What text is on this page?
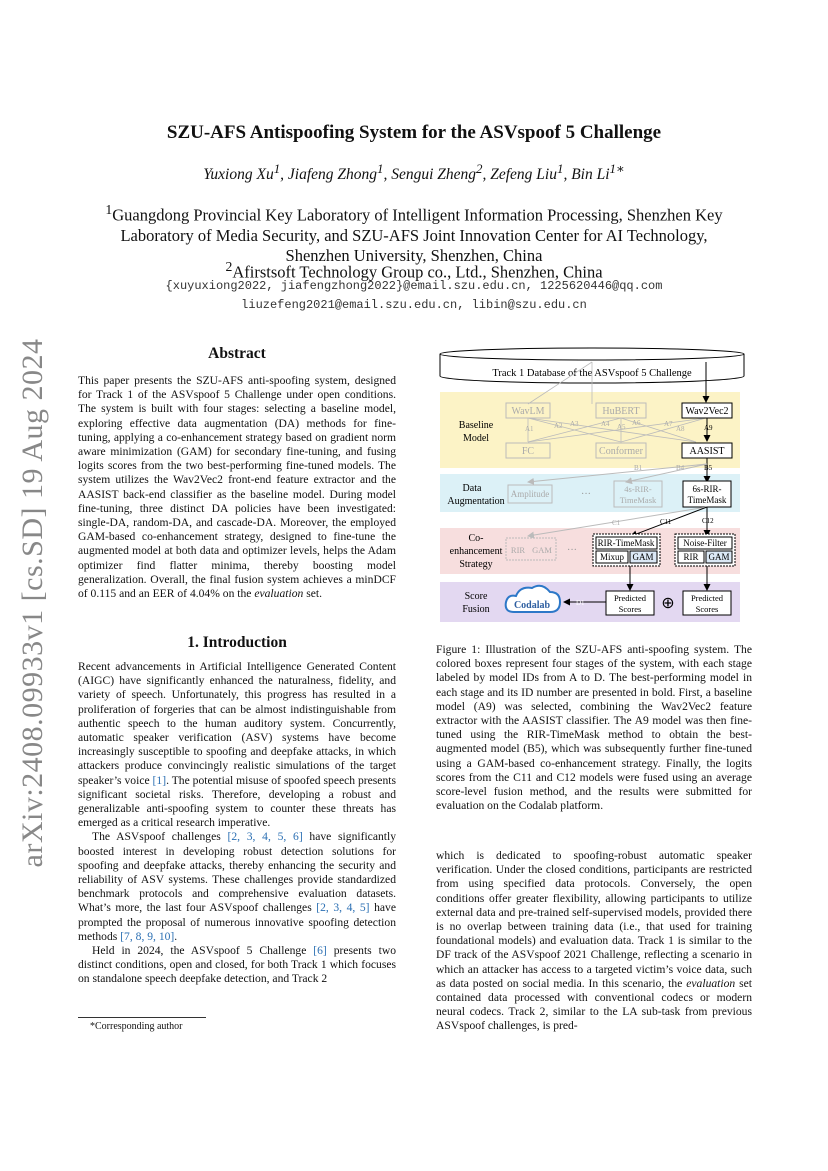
arXiv:2408.09933v1 [cs.SD] 19 Aug 2024
SZU-AFS Antispoofing System for the ASVspoof 5 Challenge
Yuxiong Xu$^1$, Jiafeng Zhong$^1$, Sengui Zheng$^2$, Zefeng Liu$^1$, Bin $Li^{1∗}$
$^1$Guangdong Provincial Key Laboratory of Intelligent Information Processing, Shenzhen Key
Laboratory of Media Security, and SZU-AFS Joint Innovation Center for AI Technology,
Shenzhen University, Shenzhen, China
$^2$Afirstsoft Technology Group co., Ltd., Shenzhen, China
{xuyuxiong2022, jiafengzhong2022}@email.szu.edu.cn, 1225620446@qq.com
liuzefeng2021@email.szu.edu.cn, libin@szu.edu.cn
Abstract

This paper presents the SZU-AFS anti-spoofing system, designed for Track 1 of the ASVspoof 5 Challenge under open conditions. The system is built with four stages: selecting a baseline model, exploring effective data augmentation (DA) methods for fine-tuning, applying a co-enhancement strategy based on gradient norm aware minimization (GAM) for secondary fine-tuning, and fusing logits scores from the two best-performing fine-tuned models. The system utilizes the Wav2Vec2 front-end feature extractor and the AASIST back-end classifier as the baseline model. During model fine-tuning, three distinct DA policies have been investigated: single-DA, random-DA, and cascade-DA. Moreover, the employed GAM-based co-enhancement strategy, designed to fine-tune the augmented model at both data and optimizer levels, helps the Adam optimizer find flatter minima, thereby boosting model generalization. Overall, the final fusion system achieves a minDCF of 0.115 and an EER of 4.04% on the evaluation set.

1. Introduction

Recent advancements in Artificial Intelligence Generated Content (AIGC) have significantly enhanced the naturalness, fidelity, and variety of speech. Unfortunately, this progress has resulted in a proliferation of forgeries that can be almost indistinguishable from authentic speech to the human auditory system. Concurrently, automatic speaker verification (ASV) systems have become increasingly susceptible to spoofing and deepfake attacks, in which attackers produce convincingly realistic simulations of the target speaker’s voice [1]. The potential misuse of spoofed speech presents significant societal risks. Therefore, developing a robust and generalizable anti-spoofing system to counter these threats has emerged as a critical research imperative.

The ASVspoof challenges [2, 3, 4, 5, 6] have significantly boosted interest in developing robust detection solutions for spoofing and deepfake attacks, thereby enhancing the security and reliability of ASV systems. These challenges provide standardized benchmark protocols and comprehensive evaluation datasets. What’s more, the last four ASVspoof challenges [2, 3, 4, 5] have prompted the proposal of numerous innovative spoofing detection methods [7, 8, 9, 10].

Held in 2024, the ASVspoof 5 Challenge [6] presents two distinct conditions, open and closed, for both Track 1 which focuses on standalone speech deepfake detection, and Track 2

*Corresponding author
Track 1 Database of the ASVspoof 5 Challenge
Baseline
Model
Data
Augmentation
Co-
enhancement
Strategy
Score
Fusion
WavLM	HuBERT	Wav2Vec2
FC	Conformer	AASIST
A1	A2 A3	A4 A5 A6	A7
A8	A9
B1	B4	B5
Amplitude	···	4s-RIR-
TimeMask
6s-RIR-
TimeMask
C1	C11	C12
RIR GAM ···
RIR-TimeMask
Mixup GAM
Noise-Filter
RIR GAM
Codalab	D1	Predicted
Scores ⊕ Predicted
Scores
Figure 1: Illustration of the SZU-AFS anti-spoofing system. The colored boxes represent four stages of the system, with each stage labeled by model IDs from A to D. The best-performing model in each stage and its ID number are presented in bold. First, a baseline model (A9) was selected, combining the Wav2Vec2 feature extractor with the AASIST classifier. The A9 model was then fine-tuned using the RIR-TimeMask method to obtain the best-augmented model (B5), which was subsequently further fine-tuned using a GAM-based co-enhancement strategy. Finally, the logits scores from the C11 and C12 models were fused using an average score-level fusion method, and the results were submitted for evaluation on the Codalab platform.

which is dedicated to spoofing-robust automatic speaker verification. Under the closed conditions, participants are restricted from using specified data protocols. Conversely, the open conditions offer greater flexibility, allowing participants to utilize external data and pre-trained self-supervised models, provided there is no overlap between training data (i.e., that used for training foundational models) and evaluation data. Track 1 is similar to the DF track of the ASVspoof 2021 Challenge, reflecting a scenario in which an attacker has access to a targeted victim’s voice data, such as data posted on social media. In this scenario, the evaluation set contained data processed with conventional codecs or modern neural codecs. Track 2, similar to the LA sub-task from previous ASVspoof challenges, is pred-
